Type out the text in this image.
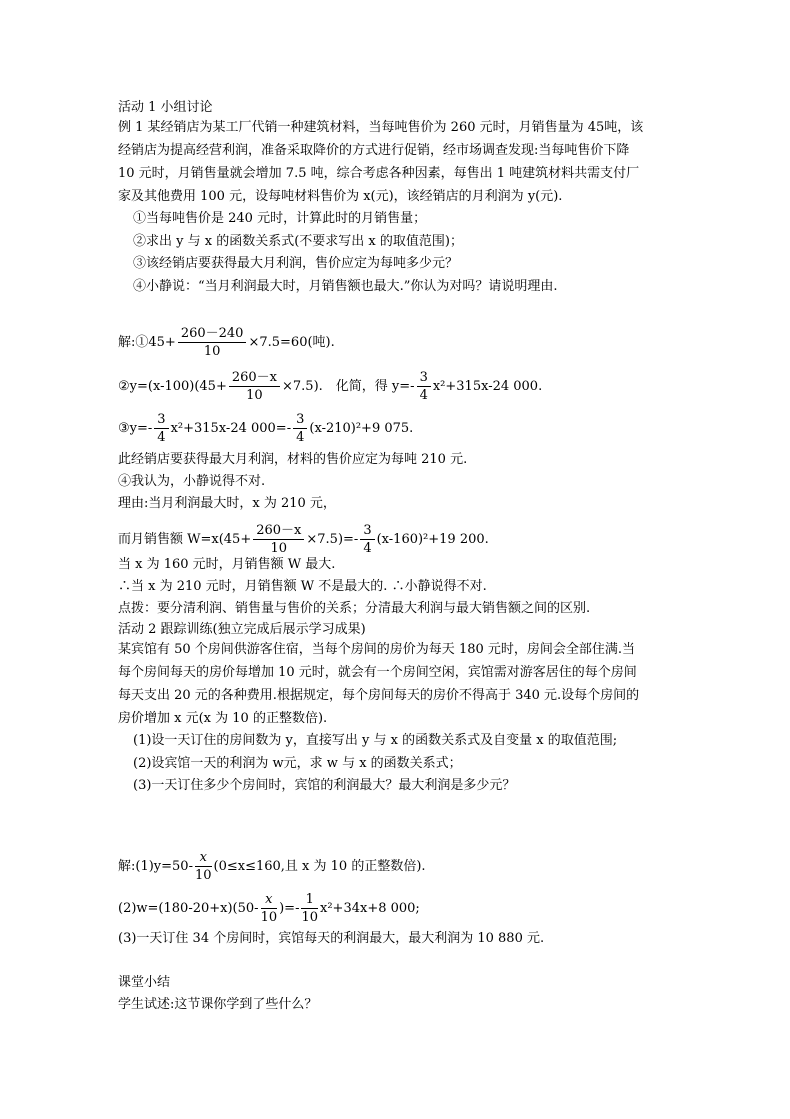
活动 1 小组讨论
例 1 某经销店为某工厂代销一种建筑材料，当每吨售价为 260 元时，月销售量为 45吨，该
经销店为提高经营利润，准备采取降价的方式进行促销，经市场调查发现:当每吨售价下降
10 元时，月销售量就会增加 7.5 吨，综合考虑各种因素，每售出 1 吨建筑材料共需支付厂
家及其他费用 100 元，设每吨材料售价为 x(元)，该经销店的月利润为 y(元).
①当每吨售价是 240 元时，计算此时的月销售量；
②求出 y 与 x 的函数关系式(不要求写出 x 的取值范围)；
③该经销店要获得最大月利润，售价应定为每吨多少元？
④小静说：“当月利润最大时，月销售额也最大.”你认为对吗？请说明理由.
解:①45+ $\frac{260-240}{10} \times 7.5=60$(吨).
②y=(x-100)(45+ $\frac{260-x}{10} \times 7.5$).　化简，得 $y=- \frac{3}{4} x^2+315x-24$ 000.
③y=- $\frac{3}{4} x^2+315x-24$ $000=- \frac{3}{4} (x-210)^2+9$ 075.
此经销店要获得最大月利润，材料的售价应定为每吨 210 元.
④我认为，小静说得不对.
理由:当月利润最大时，x 为 210 元，
而月销售额 $W=x(45+ \frac{260-x}{10} \times 7.5)=- \frac{3}{4} (x-160)^2+19$ 200.
当 x 为 160 元时，月销售额 W 最大.
∴当 x 为 210 元时，月销售额 W 不是最大的. ∴小静说得不对.
点拨：要分清利润、销售量与售价的关系；分清最大利润与最大销售额之间的区别.
活动 2 跟踪训练(独立完成后展示学习成果)
某宾馆有 50 个房间供游客住宿，当每个房间的房价为每天 180 元时，房间会全部住满.当
每个房间每天的房价每增加 10 元时，就会有一个房间空闲，宾馆需对游客居住的每个房间
每天支出 20 元的各种费用.根据规定，每个房间每天的房价不得高于 340 元.设每个房间的
房价增加 x 元(x 为 10 的正整数倍).
(1)设一天订住的房间数为 y，直接写出 y 与 x 的函数关系式及自变量 x 的取值范围;
(2)设宾馆一天的利润为 w元，求 w 与 x 的函数关系式；
(3)一天订住多少个房间时，宾馆的利润最大？最大利润是多少元？
解:(1)y=50- $\frac{x}{10} (0\le x\le 160$,且 x 为 10 的正整数倍).
$(2)w=(180-20+x)(50- \frac{x}{10}$ )=- $\frac{1}{10} x^2+34x+8$ 000;
(3)一天订住 34 个房间时，宾馆每天的利润最大，最大利润为 10 880 元.
课堂小结
学生试述:这节课你学到了些什么？
